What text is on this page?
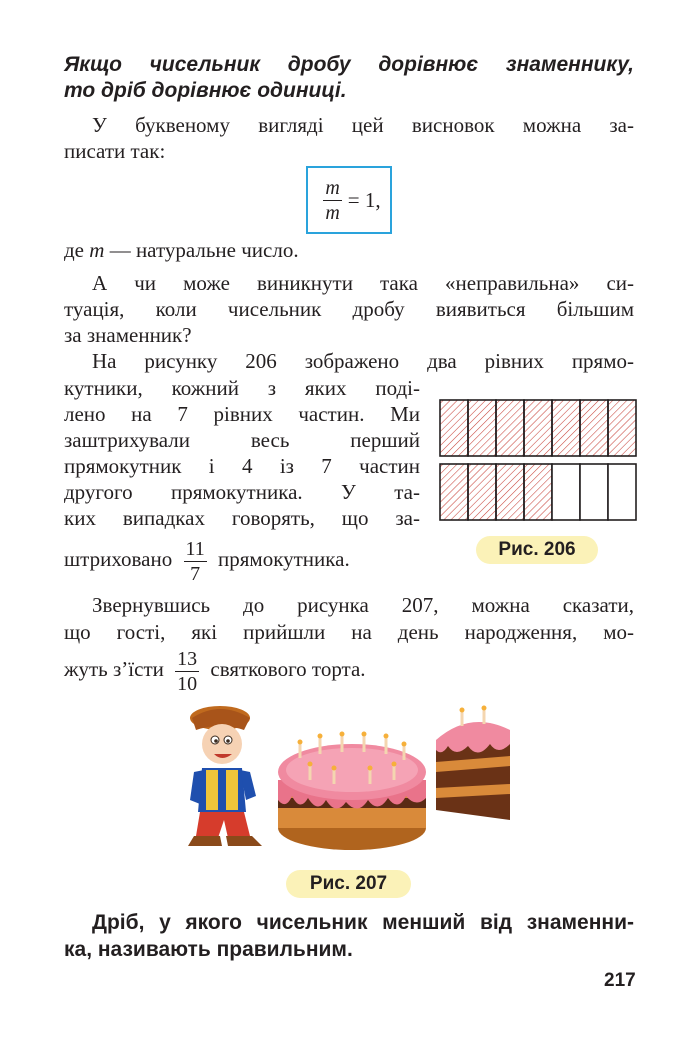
Якщо чисельник дробу дорівнює знаменнику,
то дріб дорівнює одиниці.
У буквеному вигляді цей висновок можна за-
писати так:
$\frac{m}{m} = 1$,
де m — натуральне число.
А чи може виникнути така «неправильна» си-
туація, коли чисельник дробу виявиться більшим
за знаменник?
На рисунку 206 зображено два рівних прямо-
кутники, кожний з яких поді-
лено на 7 рівних частин. Ми
заштрихували весь перший
прямокутник і 4 із 7 частин
другого прямокутника. У та-
ких випадках говорять, що за-
штриховано $\frac{11}{7}$ прямокутника.	Рис. 206
Звернувшись до рисунка 207, можна сказати,
що гості, які прийшли на день народження, мо-
жуть з’їсти $\frac{13}{10}$ святкового торта.
Рис. 207
Дріб, у якого чисельник менший від знаменни-
ка, називають правильним.
217
